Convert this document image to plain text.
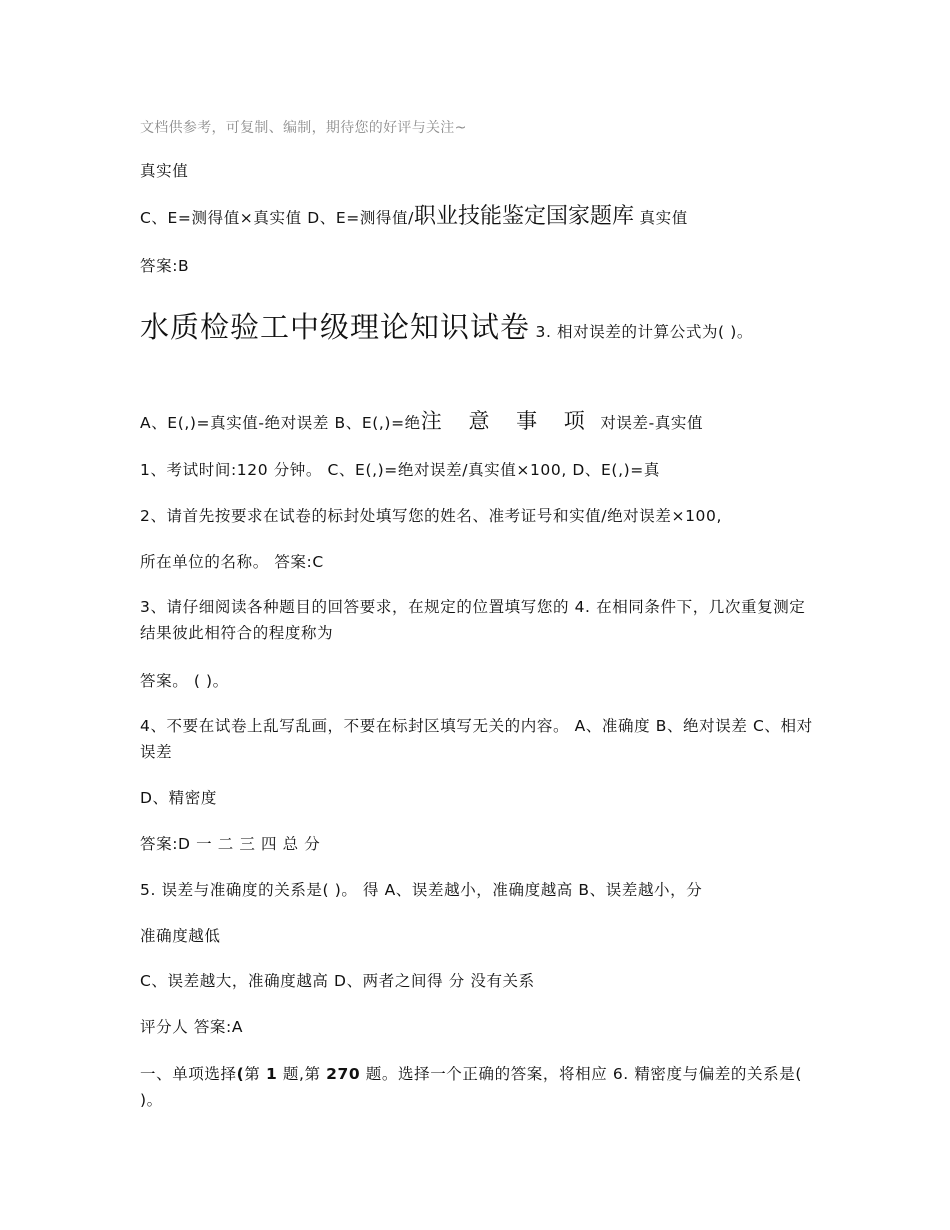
文档供参考，可复制、编制，期待您的好评与关注~
真实值
C、E=测得值×真实值 D、E=测得值/职业技能鉴定国家题库 真实值
答案:B
水质检验工中级理论知识试卷 3. 相对误差的计算公式为( )。
A、E(,)=真实值-绝对误差 B、E(,)=绝注 意 事 项 对误差-真实值
1、考试时间:120 分钟。 C、E(,)=绝对误差/真实值×100, D、E(,)=真
2、请首先按要求在试卷的标封处填写您的姓名、准考证号和实值/绝对误差×100,
所在单位的名称。 答案:C
3、请仔细阅读各种题目的回答要求，在规定的位置填写您的 4. 在相同条件下，几次重复测定结果彼此相符合的程度称为
答案。 ( )。
4、不要在试卷上乱写乱画，不要在标封区填写无关的内容。 A、准确度 B、绝对误差 C、相对误差
D、精密度
答案:D 一 二 三 四 总 分
5. 误差与准确度的关系是( )。 得 A、误差越小，准确度越高 B、误差越小，分
准确度越低
C、误差越大，准确度越高 D、两者之间得 分 没有关系
评分人 答案:A
一、单项选择(第 1 题,第 270 题。选择一个正确的答案，将相应 6. 精密度与偏差的关系是( )。
